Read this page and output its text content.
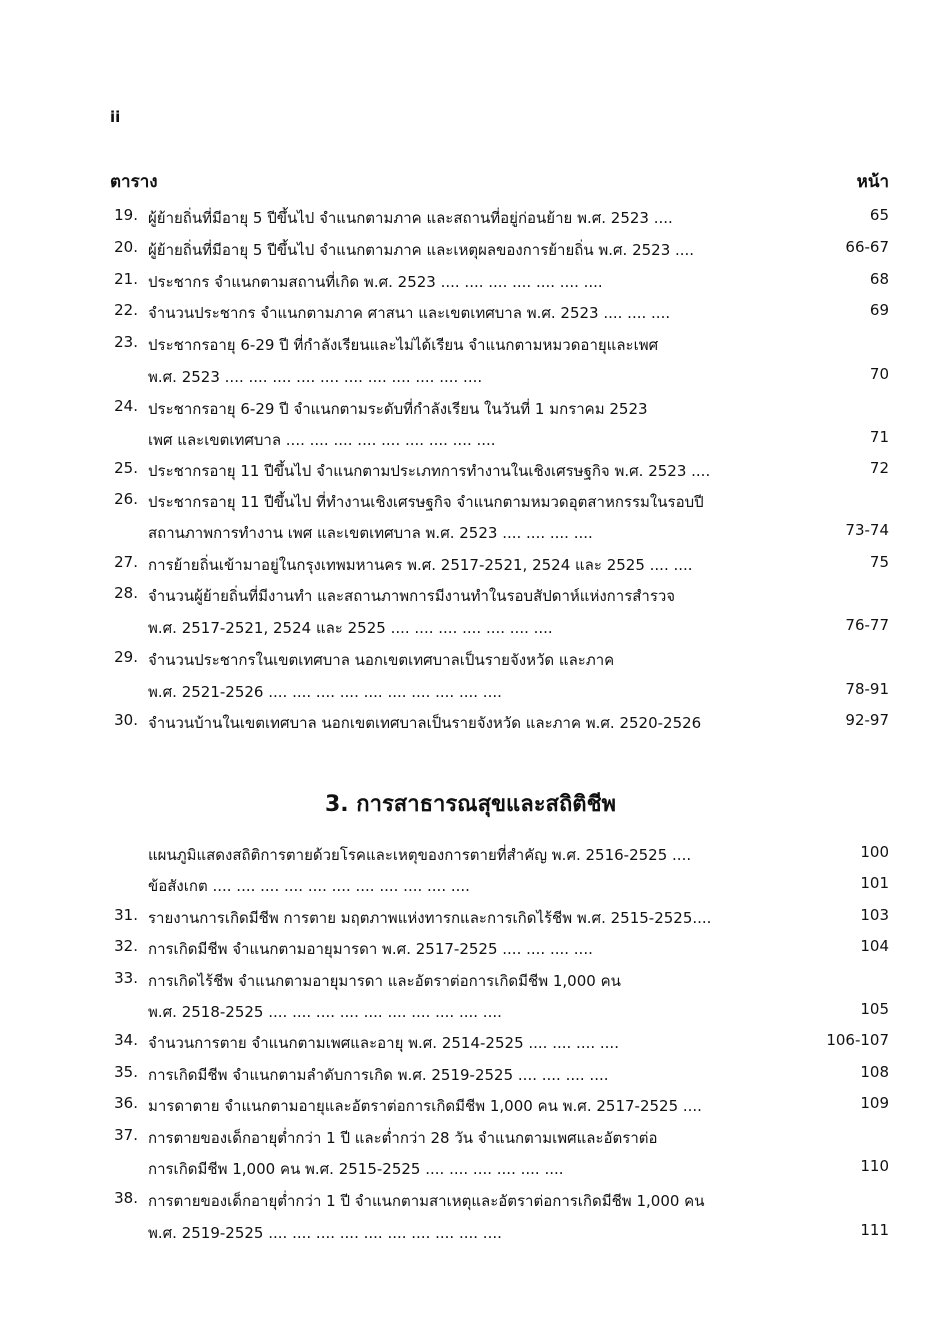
ii
ตาราง	หน้า
3. การสาธารณสุขและสถิติชีพ
19. ผู้ย้ายถิ่นที่มีอายุ 5 ปีขึ้นไป จำแนกตามภาค และสถานที่อยู่ก่อนย้าย พ.ศ. 2523 ....	65
20. ผู้ย้ายถิ่นที่มีอายุ 5 ปีขึ้นไป จำแนกตามภาค และเหตุผลของการย้ายถิ่น พ.ศ. 2523 ....	66-67
21. ประชากร จำแนกตามสถานที่เกิด พ.ศ. 2523 .... .... .... .... .... .... ....	68
22. จำนวนประชากร จำแนกตามภาค ศาสนา และเขตเทศบาล พ.ศ. 2523 .... .... ....	69
23. ประชากรอายุ 6-29 ปี ที่กำลังเรียนและไม่ได้เรียน จำแนกตามหมวดอายุและเพศ
พ.ศ. 2523 .... .... .... .... .... .... .... .... .... .... ....	70
24. ประชากรอายุ 6-29 ปี จำแนกตามระดับที่กำลังเรียน ในวันที่ 1 มกราคม 2523
เพศ และเขตเทศบาล .... .... .... .... .... .... .... .... ....	71
25. ประชากรอายุ 11 ปีขึ้นไป จำแนกตามประเภทการทำงานในเชิงเศรษฐกิจ พ.ศ. 2523 ....	72
26. ประชากรอายุ 11 ปีขึ้นไป ที่ทำงานเชิงเศรษฐกิจ จำแนกตามหมวดอุตสาหกรรมในรอบปี
สถานภาพการทำงาน เพศ และเขตเทศบาล พ.ศ. 2523 .... .... .... ....	73-74
27. การย้ายถิ่นเข้ามาอยู่ในกรุงเทพมหานคร พ.ศ. 2517-2521, 2524 และ 2525 .... ....	75
28. จำนวนผู้ย้ายถิ่นที่มีงานทำ และสถานภาพการมีงานทำในรอบสัปดาห์แห่งการสำรวจ
พ.ศ. 2517-2521, 2524 และ 2525 .... .... .... .... .... .... ....	76-77
29. จำนวนประชากรในเขตเทศบาล นอกเขตเทศบาลเป็นรายจังหวัด และภาค
พ.ศ. 2521-2526 .... .... .... .... .... .... .... .... .... ....	78-91
30. จำนวนบ้านในเขตเทศบาล นอกเขตเทศบาลเป็นรายจังหวัด และภาค พ.ศ. 2520-2526	92-97
แผนภูมิแสดงสถิติการตายด้วยโรคและเหตุของการตายที่สำคัญ พ.ศ. 2516-2525 ....	100
ข้อสังเกต .... .... .... .... .... .... .... .... .... .... ....	101
31. รายงานการเกิดมีชีพ การตาย มฤตภาพแห่งทารกและการเกิดไร้ชีพ พ.ศ. 2515-2525....	103
32. การเกิดมีชีพ จำแนกตามอายุมารดา พ.ศ. 2517-2525 .... .... .... ....	104
33. การเกิดไร้ชีพ จำแนกตามอายุมารดา และอัตราต่อการเกิดมีชีพ 1,000 คน
พ.ศ. 2518-2525 .... .... .... .... .... .... .... .... .... ....	105
34. จำนวนการตาย จำแนกตามเพศและอายุ พ.ศ. 2514-2525 .... .... .... ....	106-107
35. การเกิดมีชีพ จำแนกตามลำดับการเกิด พ.ศ. 2519-2525 .... .... .... ....	108
36. มารดาตาย จำแนกตามอายุและอัตราต่อการเกิดมีชีพ 1,000 คน พ.ศ. 2517-2525 ....	109
37. การตายของเด็กอายุต่ำกว่า 1 ปี และต่ำกว่า 28 วัน จำแนกตามเพศและอัตราต่อ
การเกิดมีชีพ 1,000 คน พ.ศ. 2515-2525 .... .... .... .... .... ....	110
38. การตายของเด็กอายุต่ำกว่า 1 ปี จำแนกตามสาเหตุและอัตราต่อการเกิดมีชีพ 1,000 คน
พ.ศ. 2519-2525 .... .... .... .... .... .... .... .... .... ....	111
